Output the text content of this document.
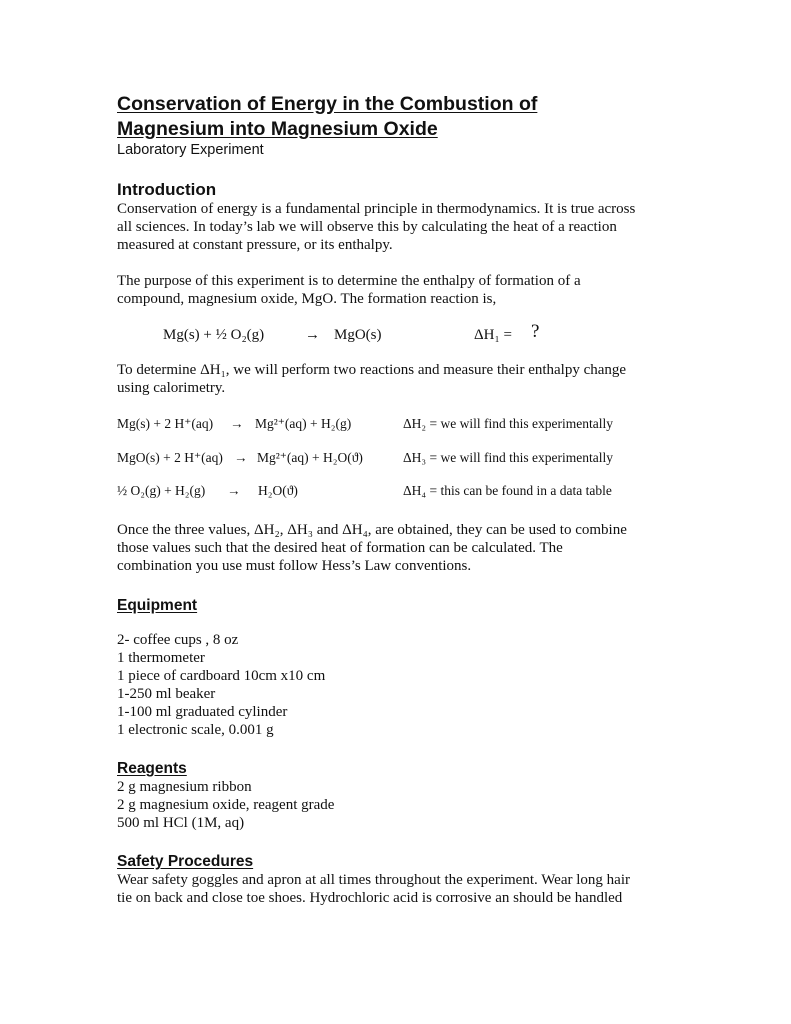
Conservation of Energy in the Combustion of
Magnesium into Magnesium Oxide
Laboratory Experiment
Introduction
Conservation of energy is a fundamental principle in thermodynamics. It is true across
all sciences. In today’s lab we will observe this by calculating the heat of a reaction
measured at constant pressure, or its enthalpy.
The purpose of this experiment is to determine the enthalpy of formation of a
compound, magnesium oxide, MgO. The formation reaction is,
Mg(s) + ½ O₂(g)	→ MgO(s)	ΔH₁ = ?
To determine ΔH₁, we will perform two reactions and measure their enthalpy change
using calorimetry.
Mg(s) + 2 H⁺(aq) → Mg²⁺(aq) + H₂(g)	ΔH₂ = we will find this experimentally
MgO(s) + 2 H⁺(aq) → Mg²⁺(aq) + H₂O(ϑ)	ΔH₃ = we will find this experimentally
½ O₂(g) + H₂(g) → H₂O(ϑ)	ΔH₄ = this can be found in a data table
Once the three values, ΔH₂, ΔH₃ and ΔH₄, are obtained, they can be used to combine
those values such that the desired heat of formation can be calculated. The
combination you use must follow Hess’s Law conventions.
Equipment
2- coffee cups , 8 oz
1 thermometer
1 piece of cardboard 10cm x10 cm
1-250 ml beaker
1-100 ml graduated cylinder
1 electronic scale, 0.001 g
Reagents
2 g magnesium ribbon
2 g magnesium oxide, reagent grade
500 ml HCl (1M, aq)
Safety Procedures
Wear safety goggles and apron at all times throughout the experiment. Wear long hair
tie on back and close toe shoes. Hydrochloric acid is corrosive an should be handled
